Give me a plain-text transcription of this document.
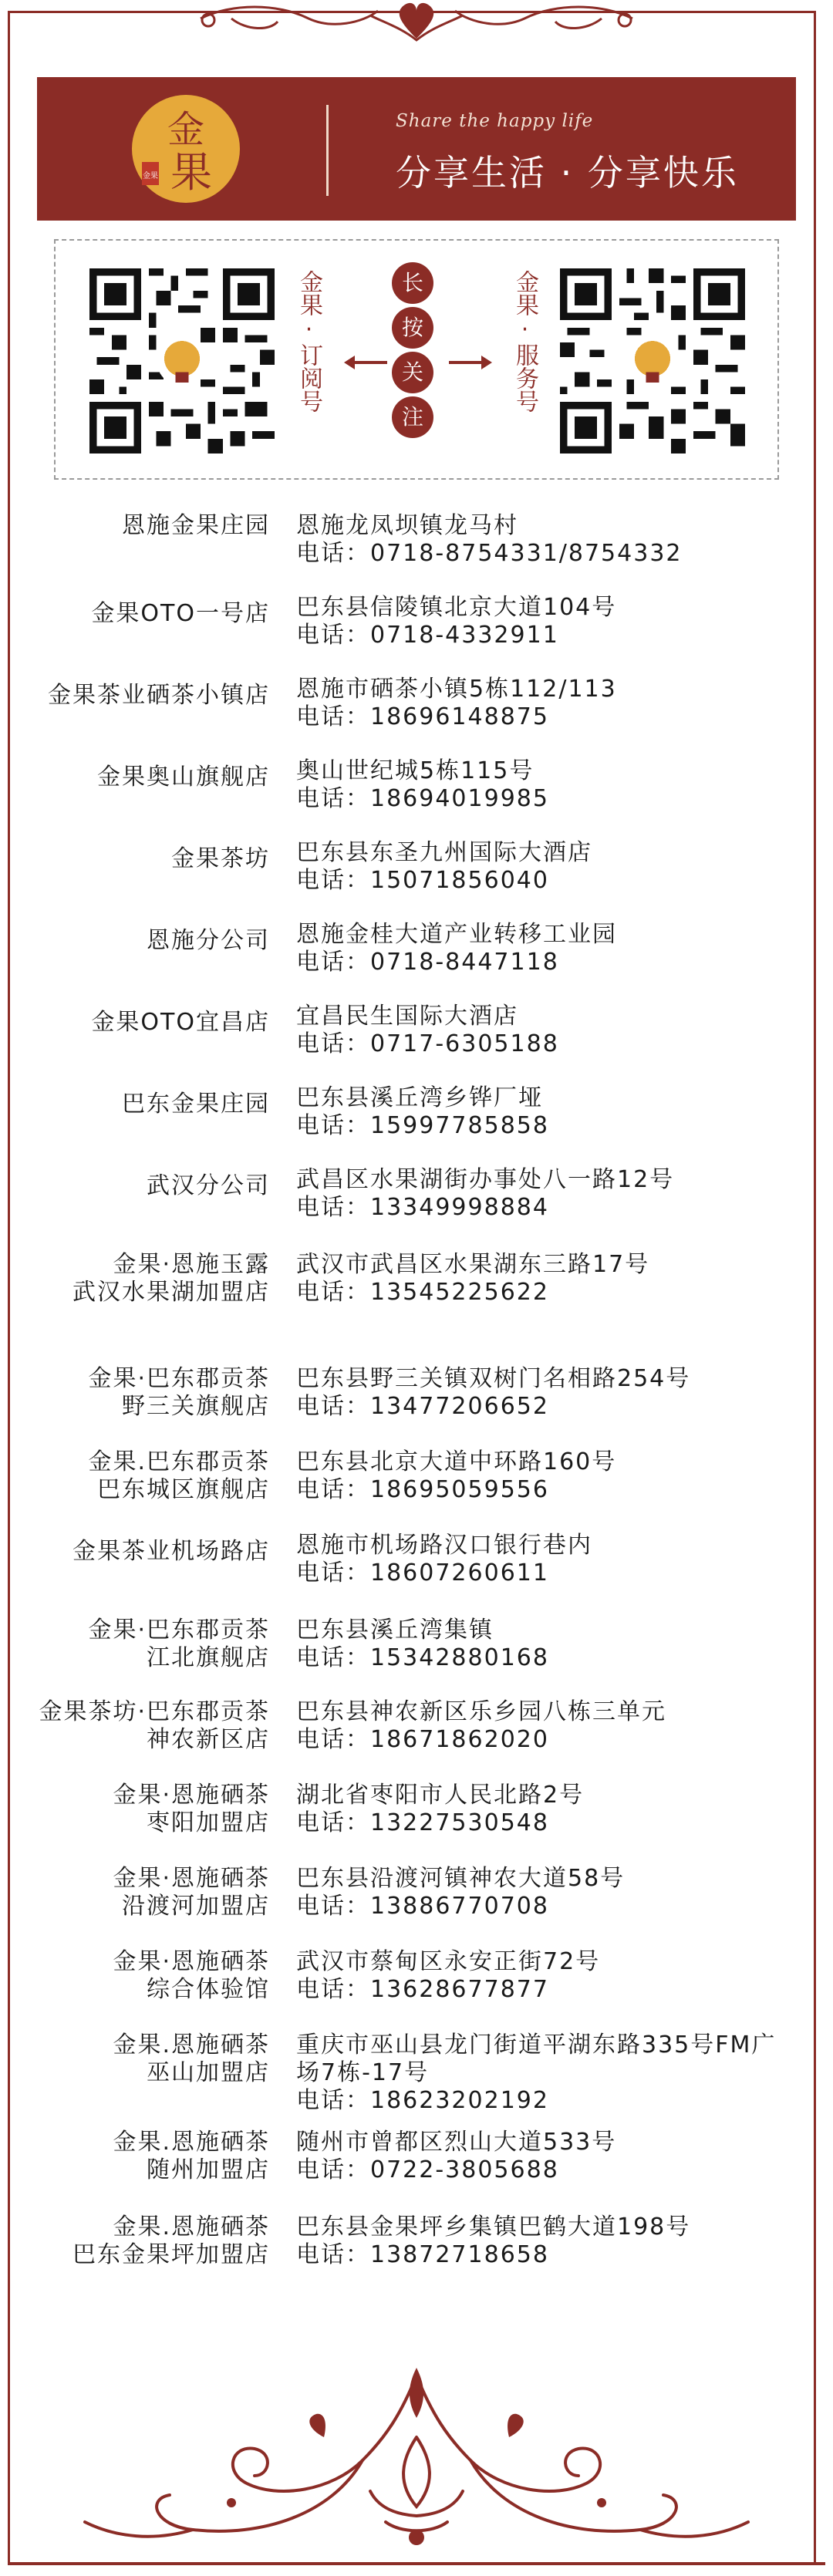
金
果
金果
Share the happy life
分享生活 · 分享快乐
金果·订阅号	长
按
关
注
金果·服务号
恩施金果庄园 恩施龙凤坝镇龙马村
电话：0718-8754331/8754332
金果OTO一号店 巴东县信陵镇北京大道104号
电话：0718-4332911
金果茶业硒茶小镇店 恩施市硒茶小镇5栋112/113
电话：18696148875
金果奥山旗舰店 奥山世纪城5栋115号
电话：18694019985
金果茶坊 巴东县东圣九州国际大酒店
电话：15071856040
恩施分公司 恩施金桂大道产业转移工业园
电话：0718-8447118
金果OTO宜昌店 宜昌民生国际大酒店
电话：0717-6305188
巴东金果庄园 巴东县溪丘湾乡铧厂垭
电话：15997785858
武汉分公司 武昌区水果湖街办事处八一路12号
电话：13349998884
金果·恩施玉露
武汉水果湖加盟店
武汉市武昌区水果湖东三路17号
电话：13545225622
金果·巴东郡贡茶
野三关旗舰店
巴东县野三关镇双树门名相路254号
电话：13477206652
金果.巴东郡贡茶
巴东城区旗舰店
巴东县北京大道中环路160号
电话：18695059556
金果茶业机场路店 恩施市机场路汉口银行巷内
电话：18607260611
金果·巴东郡贡茶
江北旗舰店
巴东县溪丘湾集镇
电话：15342880168
金果茶坊·巴东郡贡茶
神农新区店
巴东县神农新区乐乡园八栋三单元
电话：18671862020
金果·恩施硒茶
枣阳加盟店
湖北省枣阳市人民北路2号
电话：13227530548
金果·恩施硒茶
沿渡河加盟店
巴东县沿渡河镇神农大道58号
电话：13886770708
金果·恩施硒茶
综合体验馆
武汉市蔡甸区永安正街72号
电话：13628677877
金果.恩施硒茶
巫山加盟店
重庆市巫山县龙门街道平湖东路335号FM广场7栋-17号
电话：18623202192
金果.恩施硒茶
随州加盟店
随州市曾都区烈山大道533号
电话：0722-3805688
金果.恩施硒茶
巴东金果坪加盟店
巴东县金果坪乡集镇巴鹤大道198号
电话：13872718658
